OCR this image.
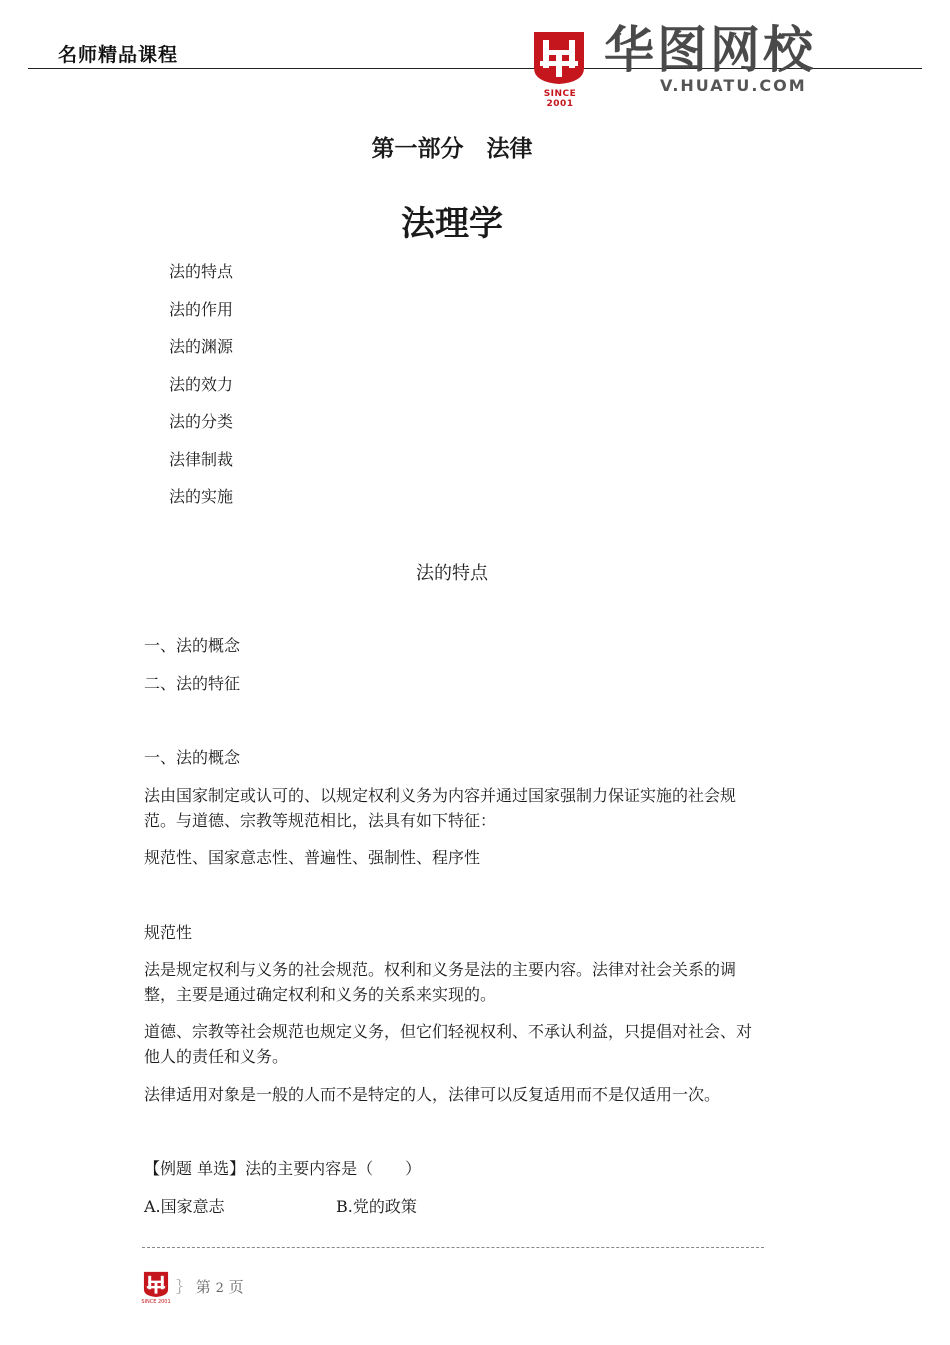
名师精品课程
SINCE 2001
华图网校
V.HUATU.COM
第一部分　法律
法理学
法的特点
法的作用
法的渊源
法的效力
法的分类
法律制裁
法的实施
法的特点
一、法的概念
二、法的特征
一、法的概念
法由国家制定或认可的、以规定权利义务为内容并通过国家强制力保证实施的社会规范。与道德、宗教等规范相比，法具有如下特征：
规范性、国家意志性、普遍性、强制性、程序性
规范性
法是规定权利与义务的社会规范。权利和义务是法的主要内容。法律对社会关系的调整，主要是通过确定权利和义务的关系来实现的。
道德、宗教等社会规范也规定义务，但它们轻视权利、不承认利益，只提倡对社会、对他人的责任和义务。
法律适用对象是一般的人而不是特定的人，法律可以反复适用而不是仅适用一次。
【例题 单选】法的主要内容是（　　）
A.国家意志	B.党的政策
SINCE 2001
｝ 第 2 页
